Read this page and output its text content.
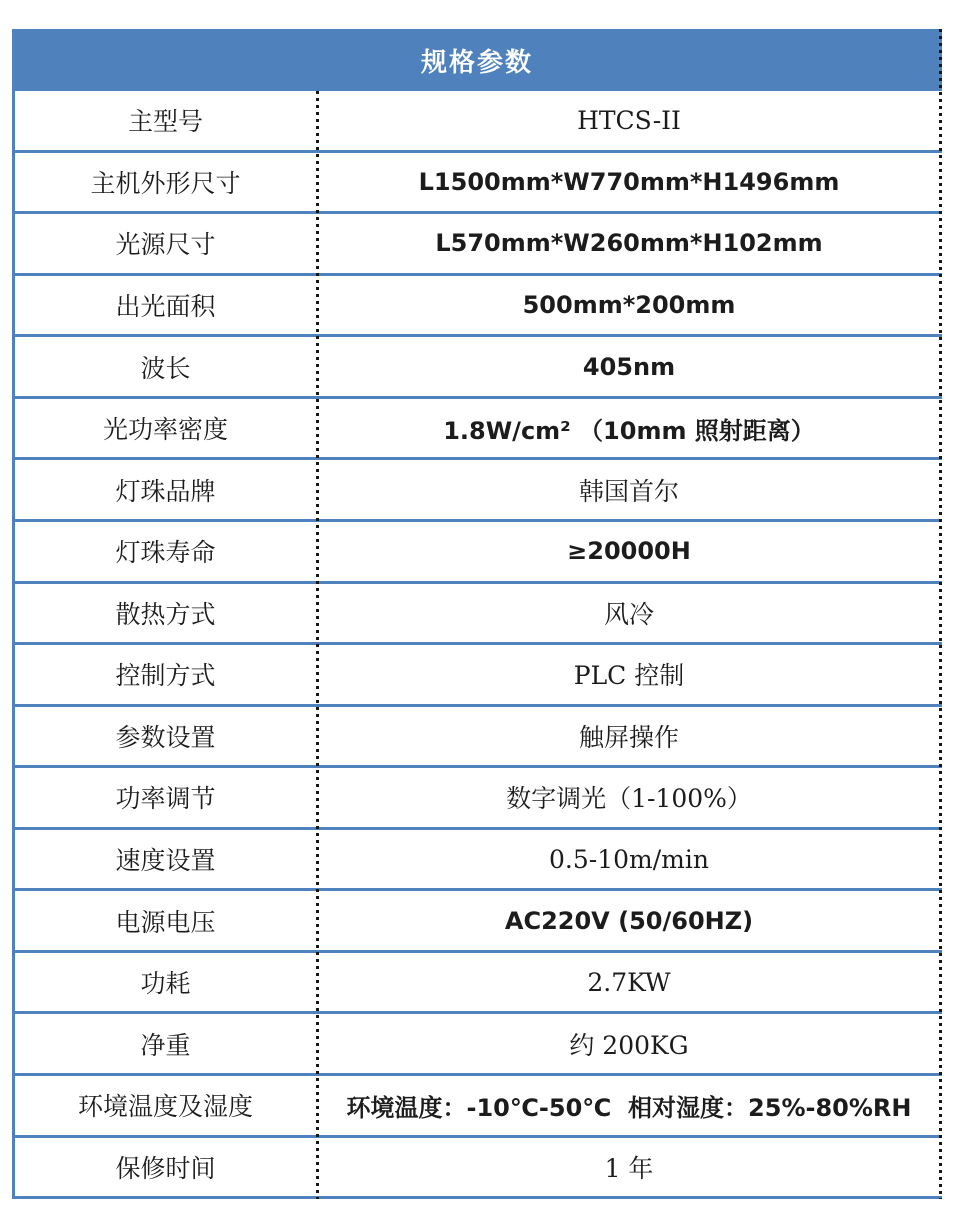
规格参数
主型号	HTCS-II
主机外形尺寸	L1500mm*W770mm*H1496mm
光源尺寸	L570mm*W260mm*H102mm
出光面积	500mm*200mm
波长	405nm
光功率密度	1.8W/cm² （10mm 照射距离）
灯珠品牌	韩国首尔
灯珠寿命	≥20000H
散热方式	风冷
控制方式	PLC 控制
参数设置	触屏操作
功率调节	数字调光（1-100%）
速度设置	0.5-10m/min
电源电压	AC220V (50/60HZ)
功耗	2.7KW
净重	约 200KG
环境温度及湿度	环境温度：-10℃-50℃  相对湿度：25%-80%RH
保修时间	1 年
